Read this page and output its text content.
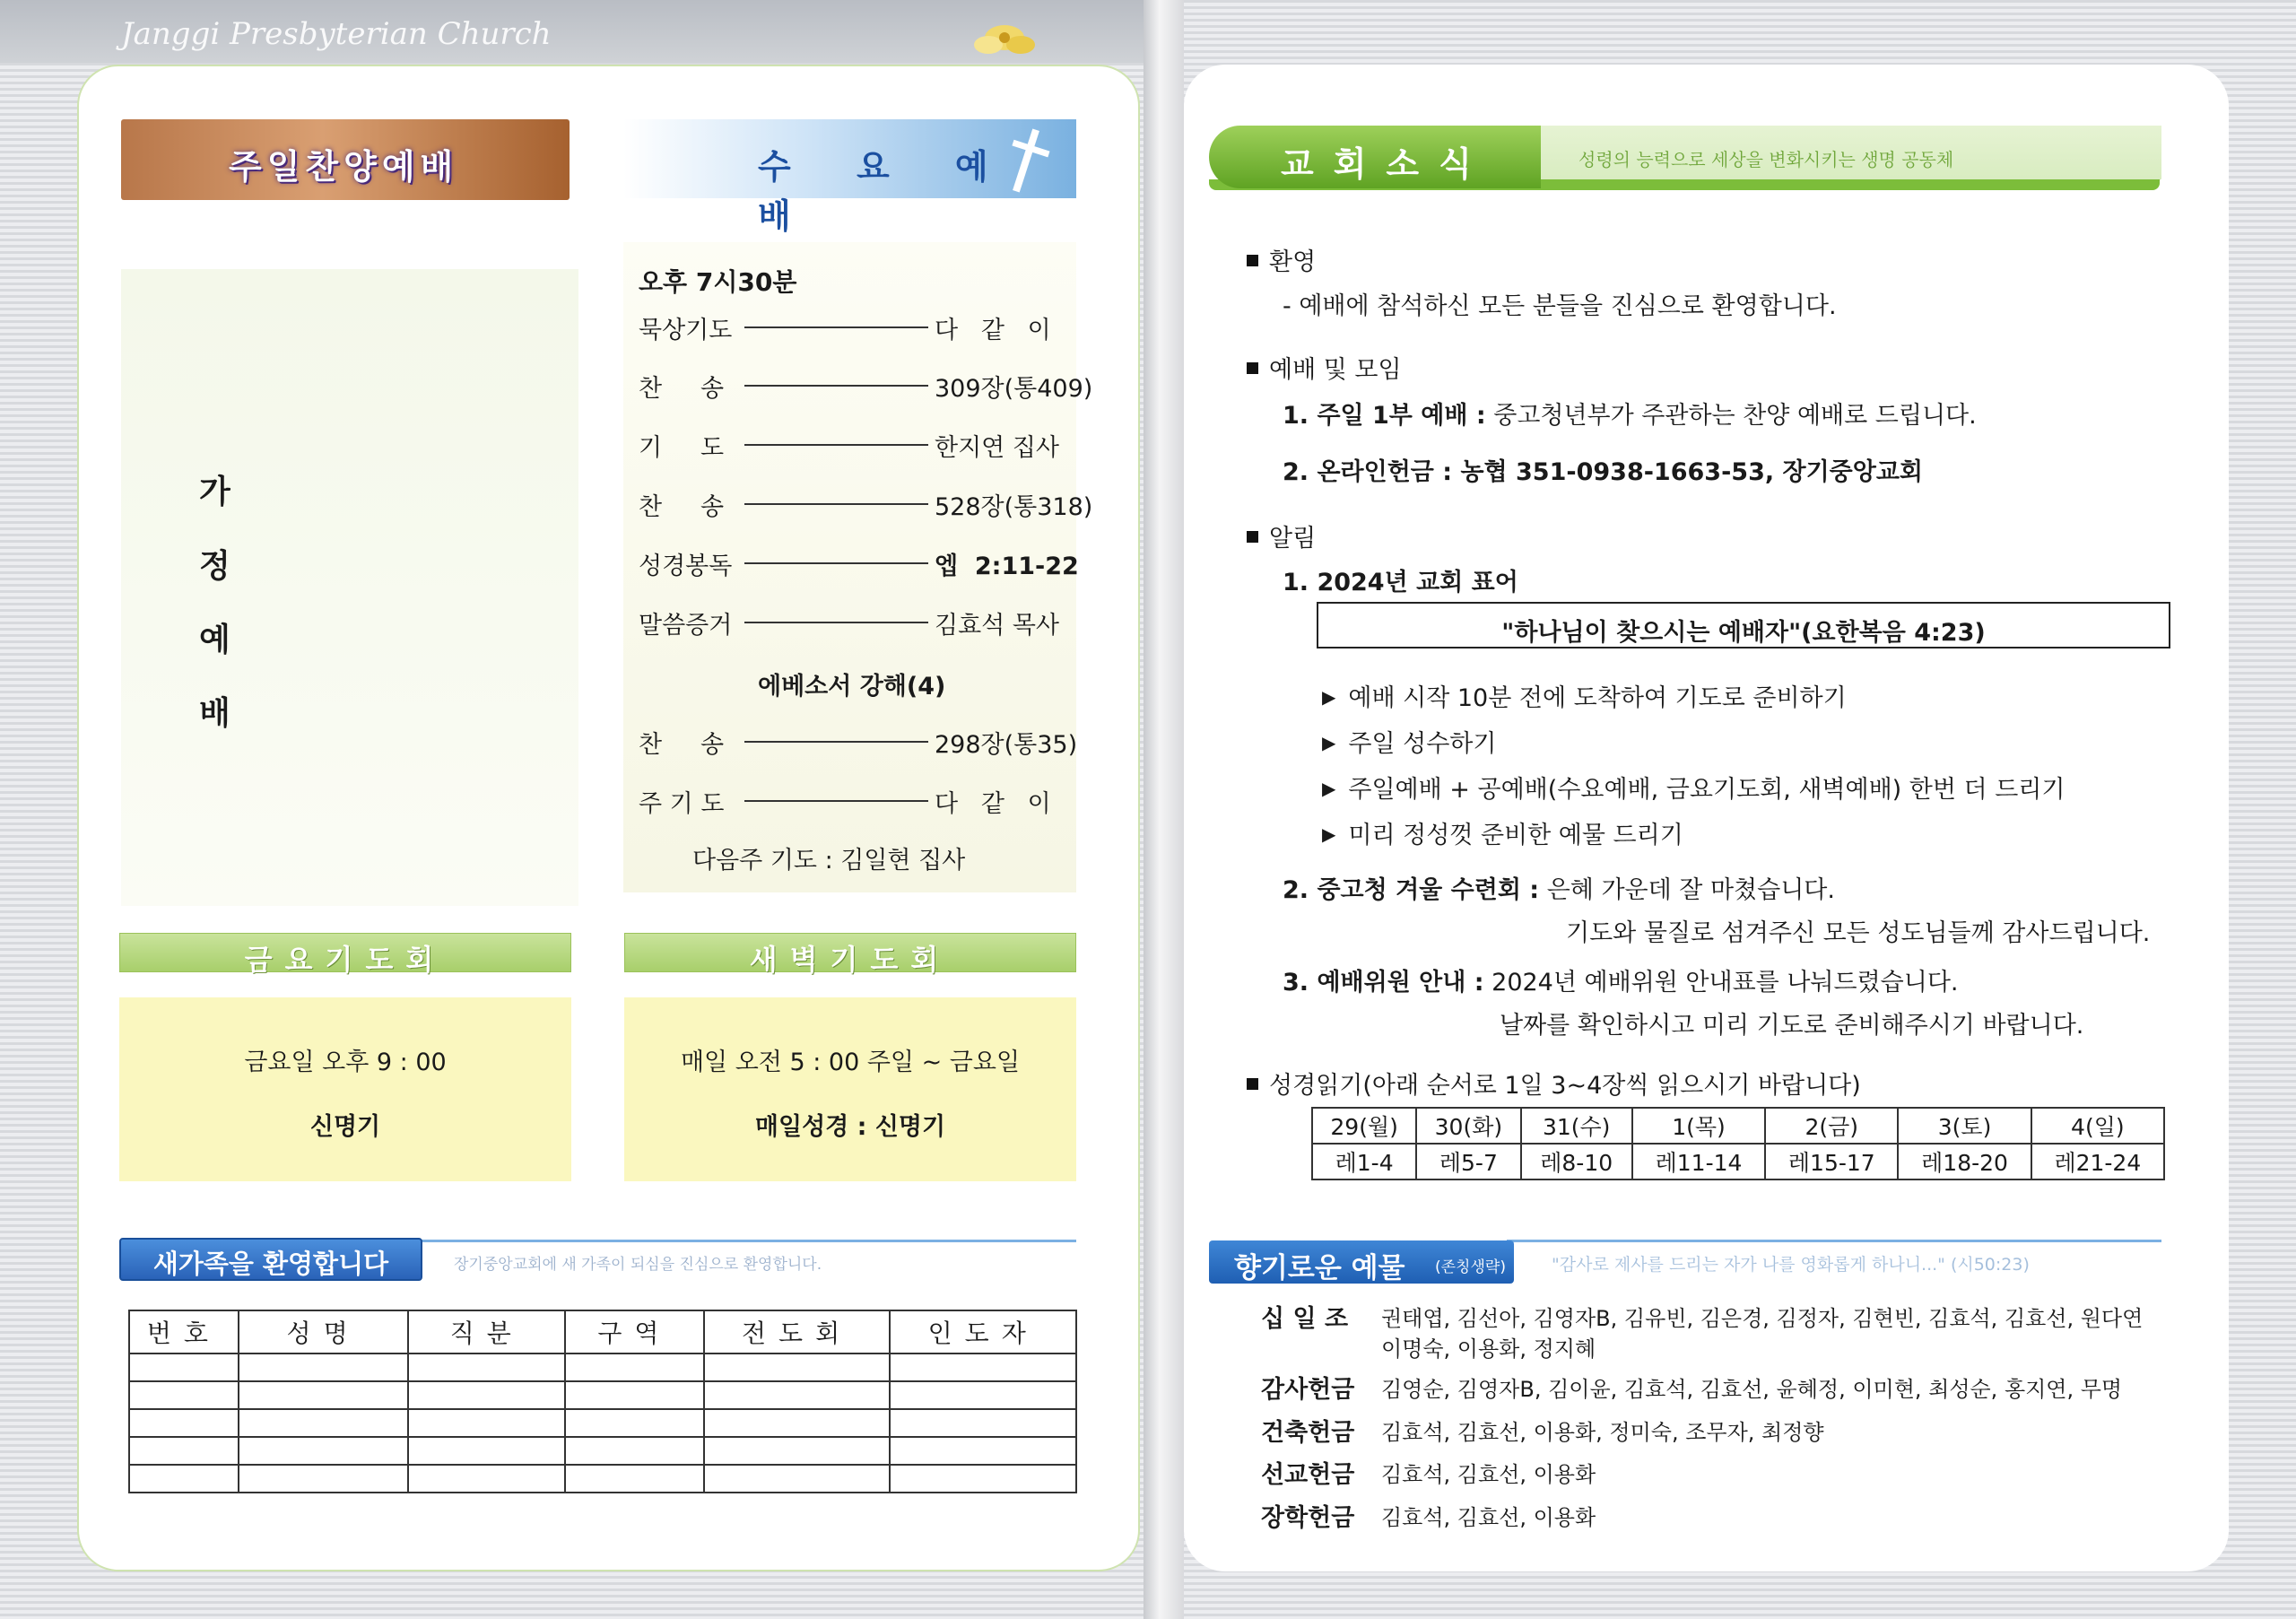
Janggi Presbyterian Church
주일찬양예배	수 요 예 배
가
정
예
배
오후 7시30분
묵상기도	다   같   이
찬     송	309장(통409)
기     도	한지연 집사
찬     송	528장(통318)
성경봉독	엡  2:11-22
말씀증거	김효석 목사
에베소서 강해(4)
찬     송	298장(통35)
주 기 도	다   같   이
다음주 기도 : 김일현 집사
금요기도회	새벽기도회
금요일 오후 9 : 00
신명기
매일 오전 5 : 00 주일 ~ 금요일
매일성경 : 신명기
새가족을 환영합니다	장기중앙교회에 새 가족이 되심을 진심으로 환영합니다.
번호	성명	직분	구역	전도회	인도자

교회소식	성령의 능력으로 세상을 변화시키는 생명 공동체
환영
- 예배에 참석하신 모든 분들을 진심으로 환영합니다.
예배 및 모임
1. 주일 1부 예배 : 중고청년부가 주관하는 찬양 예배로 드립니다.
2. 온라인헌금 : 농협 351-0938-1663-53, 장기중앙교회
알림
1. 2024년 교회 표어
"하나님이 찾으시는 예배자"(요한복음 4:23)
▶ 예배 시작 10분 전에 도착하여 기도로 준비하기
▶ 주일 성수하기
▶ 주일예배 + 공예배(수요예배, 금요기도회, 새벽예배) 한번 더 드리기
▶ 미리 정성껏 준비한 예물 드리기
2. 중고청 겨울 수련회 : 은혜 가운데 잘 마쳤습니다.
기도와 물질로 섬겨주신 모든 성도님들께 감사드립니다.
3. 예배위원 안내 : 2024년 예배위원 안내표를 나눠드렸습니다.
날짜를 확인하시고 미리 기도로 준비해주시기 바랍니다.
성경읽기(아래 순서로 1일 3~4장씩 읽으시기 바랍니다)
29(월)	30(화)	31(수)	1(목)	2(금)	3(토)	4(일)
레1-4	레5-7	레8-10	레11-14	레15-17	레18-20	레21-24
향기로운 예물 (존칭생략)	"감사로 제사를 드리는 자가 나를 영화롭게 하나니..." (시50:23)
십 일 조	권태엽, 김선아, 김영자B, 김유빈, 김은경, 김정자, 김현빈, 김효석, 김효선, 원다연
이명숙, 이용화, 정지혜
감사헌금 김영순, 김영자B, 김이윤, 김효석, 김효선, 윤혜정, 이미현, 최성순, 홍지연, 무명
건축헌금 김효석, 김효선, 이용화, 정미숙, 조무자, 최정향
선교헌금 김효석, 김효선, 이용화
장학헌금 김효석, 김효선, 이용화
